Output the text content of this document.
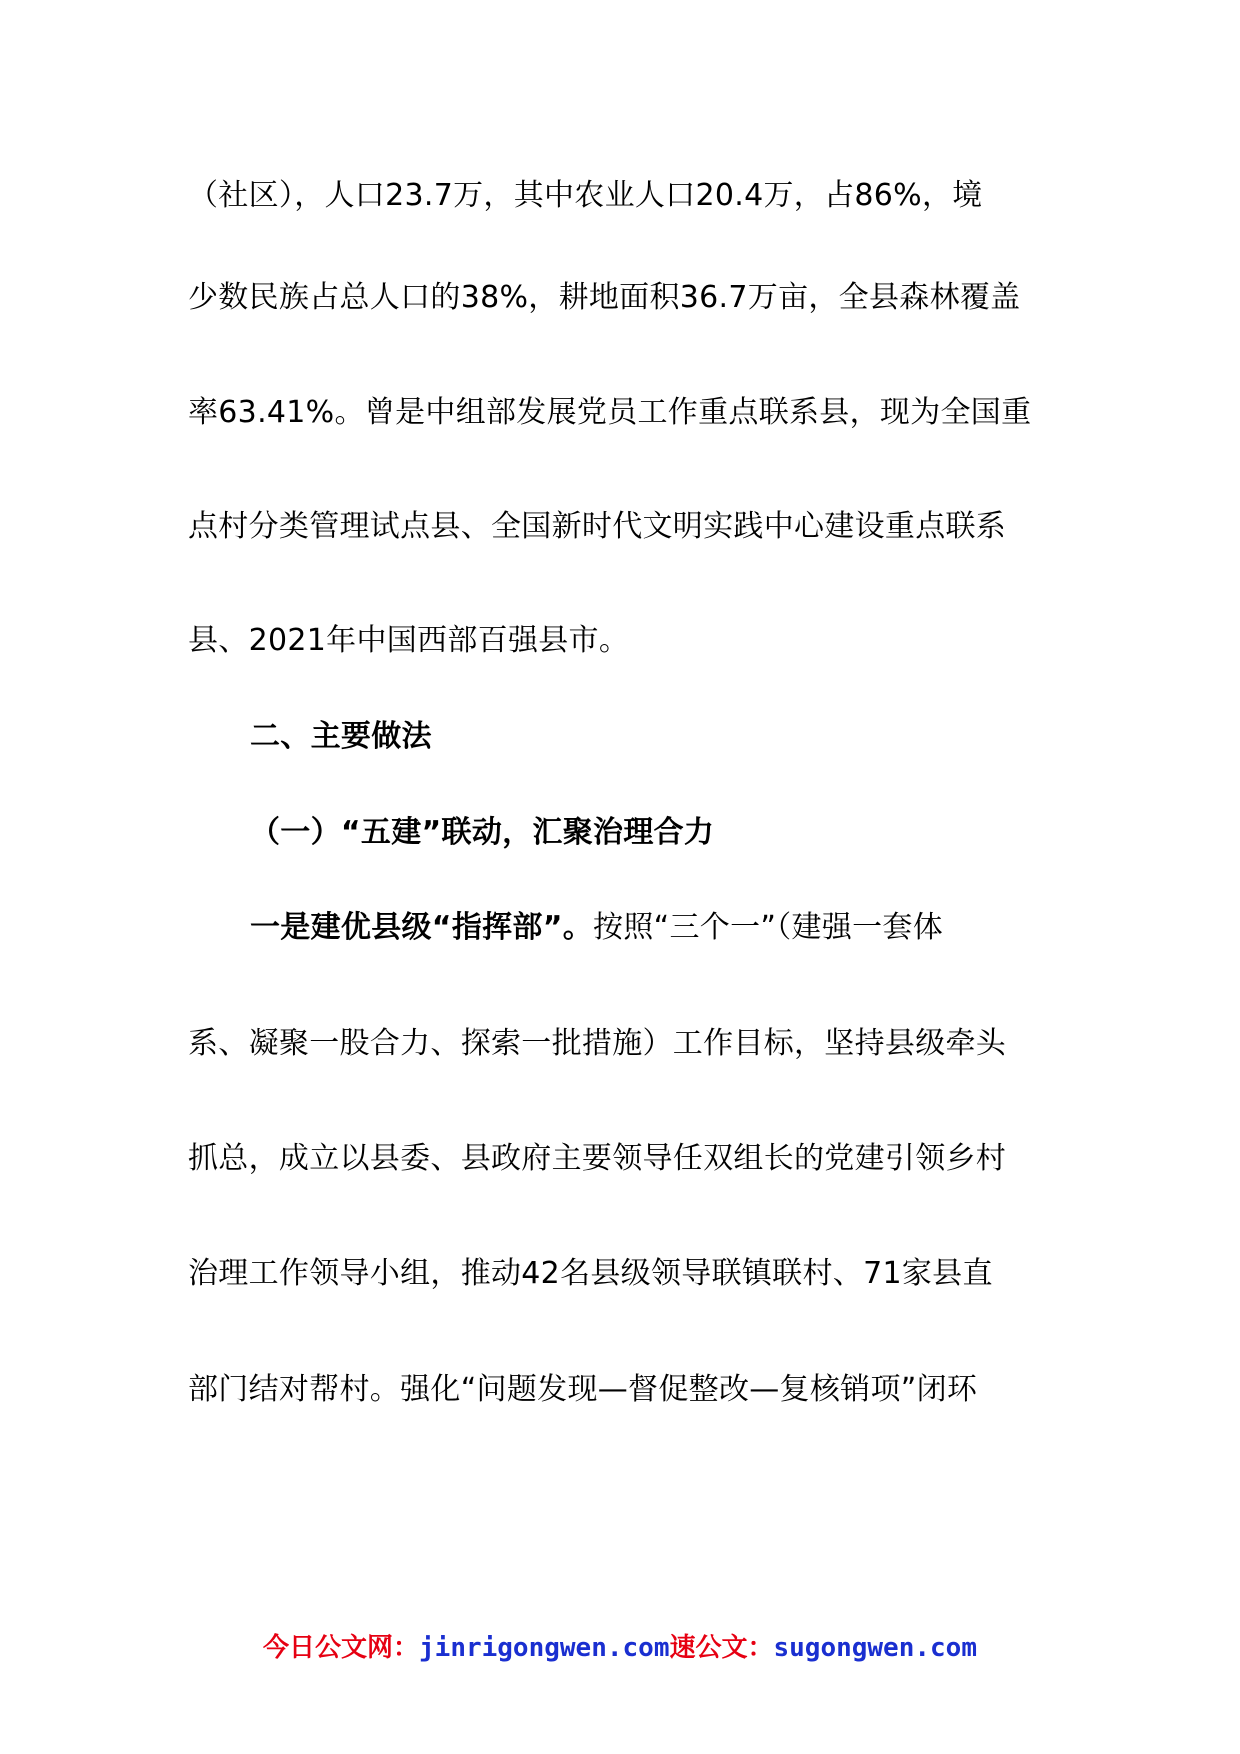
（社区），人口23.7万，其中农业人口20.4万，占86%，境
少数民族占总人口的38%，耕地面积36.7万亩，全县森林覆盖
率63.41%。曾是中组部发展党员工作重点联系县，现为全国重
点村分类管理试点县、全国新时代文明实践中心建设重点联系
县、2021年中国西部百强县市。
二、主要做法
（一）“五建”联动，汇聚治理合力
一是建优县级“指挥部”。按照“三个一”（建强一套体
系、凝聚一股合力、探索一批措施）工作目标，坚持县级牵头
抓总，成立以县委、县政府主要领导任双组长的党建引领乡村
治理工作领导小组，推动42名县级领导联镇联村、71家县直
部门结对帮村。强化“问题发现—督促整改—复核销项”闭环
今日公文网：jinrigongwen.com速公文：sugongwen.com
